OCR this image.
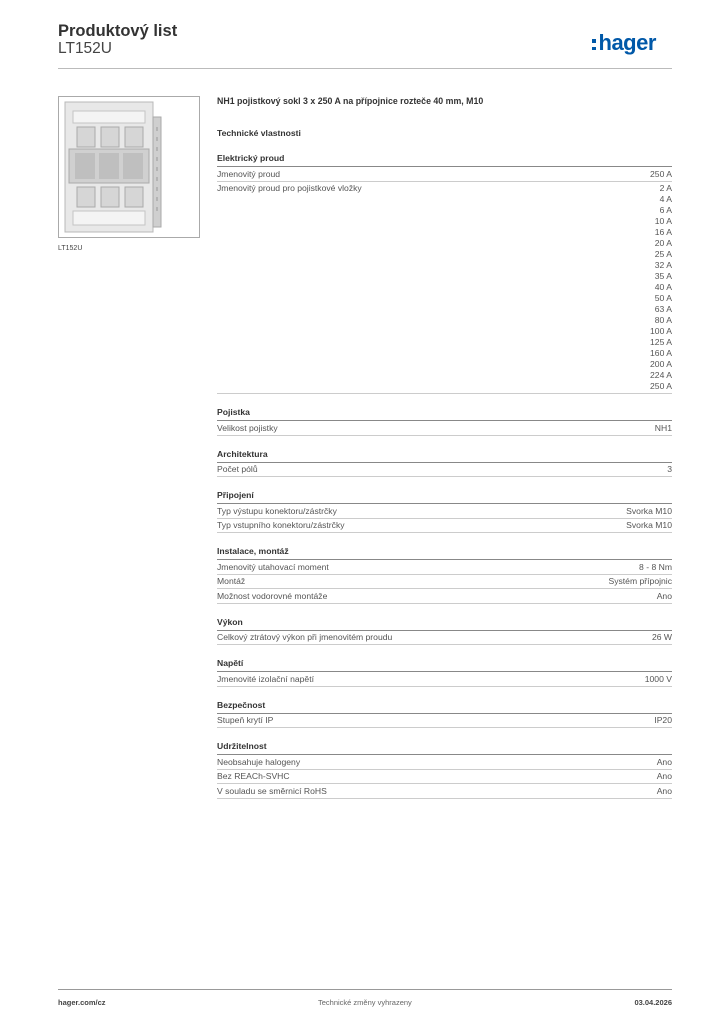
Produktový list
LT152U	hager
LT152U
NH1 pojistkový sokl 3 x 250 A na přípojnice rozteče 40 mm, M10
Technické vlastnosti
Elektrický proud
Jmenovitý proud	250 A
Jmenovitý proud pro pojistkové vložky	2 A
4 A
6 A
10 A
16 A
20 A
25 A
32 A
35 A
40 A
50 A
63 A
80 A
100 A
125 A
160 A
200 A
224 A
250 A
Pojistka
Velikost pojistky	NH1
Architektura
Počet pólů	3
Připojení
Typ výstupu konektoru/zástrčky	Svorka M10
Typ vstupního konektoru/zástrčky	Svorka M10
Instalace, montáž
Jmenovitý utahovací moment	8 - 8 Nm
Montáž	Systém přípojnic
Možnost vodorovné montáže	Ano
Výkon
Celkový ztrátový výkon při jmenovitém proudu	26 W
Napětí
Jmenovité izolační napětí	1000 V
Bezpečnost
Stupeň krytí IP	IP20
Udržitelnost
Neobsahuje halogeny	Ano
Bez REACh-SVHC	Ano
V souladu se směrnicí RoHS	Ano
hager.com/cz	Technické změny vyhrazeny	03.04.2026
